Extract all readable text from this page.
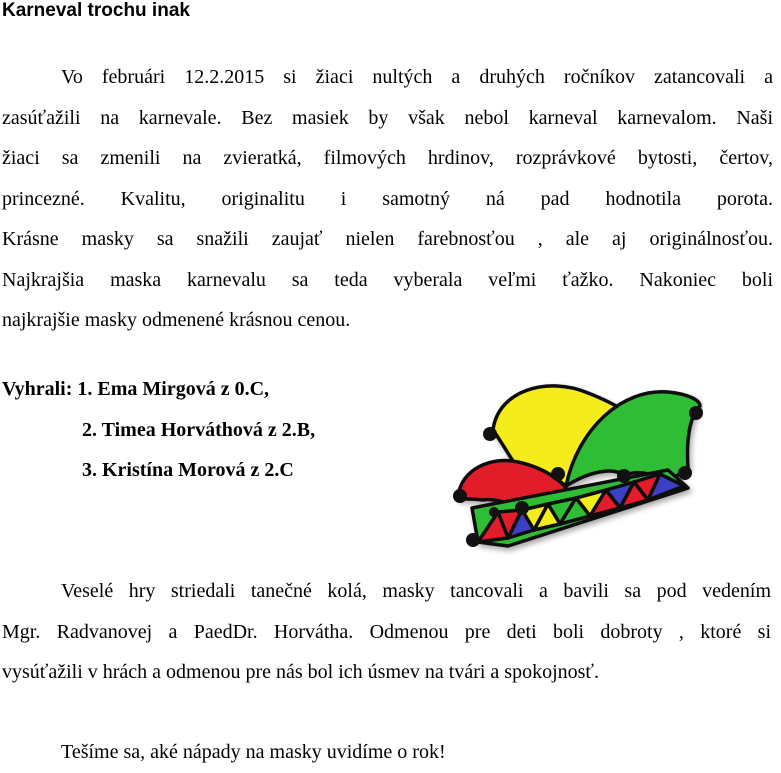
Karneval trochu inak
Vo februári 12.2.2015 si žiaci nultých a druhých ročníkov zatancovali a
zasúťažili na karnevale. Bez masiek by však nebol karneval karnevalom. Naši
žiaci sa zmenili na zvieratká, filmových hrdinov, rozprávkové bytosti, čertov,
princezné. Kvalitu, originalitu i samotný ná pad hodnotila porota.
Krásne masky sa snažili zaujať nielen farebnosťou , ale aj originálnosťou.
Najkrajšia maska karnevalu sa teda vyberala veľmi ťažko. Nakoniec boli
najkrajšie masky odmenené krásnou cenou.
Vyhrali: 1. Ema Mirgová z 0.C,
2. Timea Horváthová z 2.B,
3. Kristína Morová z 2.C
Veselé hry striedali tanečné kolá, masky tancovali a bavili sa pod vedením
Mgr. Radvanovej a PaedDr. Horvátha. Odmenou pre deti boli dobroty , ktoré si
vysúťažili v hrách a odmenou pre nás bol ich úsmev na tvári a spokojnosť.
Tešíme sa, aké nápady na masky uvidíme o rok!
